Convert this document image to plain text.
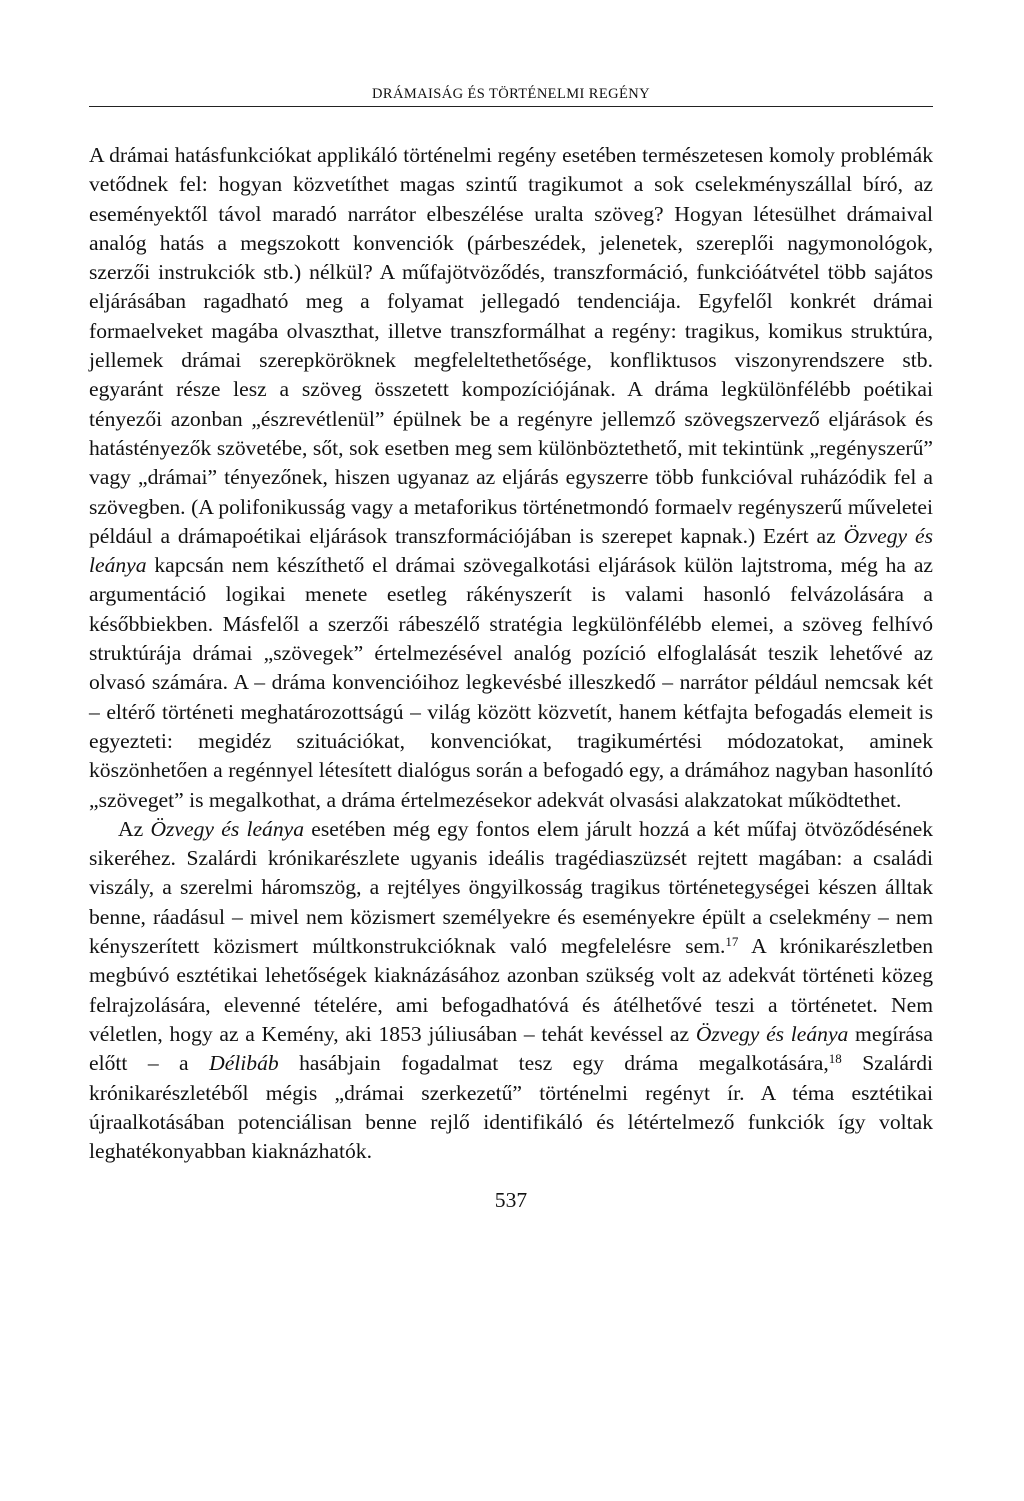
DRÁMAISÁG ÉS TÖRTÉNELMI REGÉNY

A drámai hatásfunkciókat applikáló történelmi regény esetében természetesen komoly problémák vetődnek fel: hogyan közvetíthet magas szintű tragikumot a sok cselekményszállal bíró, az eseményektől távol maradó narrátor elbeszélése uralta szöveg? Hogyan létesülhet drámaival analóg hatás a megszokott konvenciók (párbeszédek, jelenetek, szereplői nagymonológok, szerzői instrukciók stb.) nélkül? A műfajötvöződés, transzformáció, funkcióátvétel több sajátos eljárásában ragadható meg a folyamat jellegadó tendenciája. Egyfelől konkrét drámai formaelveket magába olvaszthat, illetve transzformálhat a regény: tragikus, komikus struktúra, jellemek drámai szerepköröknek megfeleltethetősége, konfliktusos viszonyrendszere stb. egyaránt része lesz a szöveg összetett kompozíciójának. A dráma legkülönfélébb poétikai tényezői azonban „észrevétlenül” épülnek be a regényre jellemző szövegszervező eljárások és hatástényezők szövetébe, sőt, sok esetben meg sem különböztethető, mit tekintünk „regényszerű” vagy „drámai” tényezőnek, hiszen ugyanaz az eljárás egyszerre több funkcióval ruházódik fel a szövegben. (A polifonikusság vagy a metaforikus történetmondó formaelv regényszerű műveletei például a drámapoétikai eljárások transzformációjában is szerepet kapnak.) Ezért az Özvegy és leánya kapcsán nem készíthető el drámai szövegalkotási eljárások külön lajtstroma, még ha az argumentáció logikai menete esetleg rákényszerít is valami hasonló felvázolására a későbbiekben. Másfelől a szerzői rábeszélő stratégia legkülönfélébb elemei, a szöveg felhívó struktúrája drámai „szövegek” értelmezésével analóg pozíció elfoglalását teszik lehetővé az olvasó számára. A – dráma konvencióihoz legkevésbé illeszkedő – narrátor például nemcsak két – eltérő történeti meghatározottságú – világ között közvetít, hanem kétfajta befogadás elemeit is egyezteti: megidéz szituációkat, konvenciókat, tragikumértési módozatokat, aminek köszönhetően a regénnyel létesített dialógus során a befogadó egy, a drámához nagyban hasonlító „szöveget” is megalkothat, a dráma értelmezésekor adekvát olvasási alakzatokat működtethet.

Az Özvegy és leánya esetében még egy fontos elem járult hozzá a két műfaj ötvöződésének sikeréhez. Szalárdi krónikarészlete ugyanis ideális tragédiaszüzsét rejtett magában: a családi viszály, a szerelmi háromszög, a rejtélyes öngyilkosság tragikus történetegységei készen álltak benne, ráadásul – mivel nem közismert személyekre és eseményekre épült a cselekmény – nem kényszerített közismert múltkonstrukcióknak való megfelelésre sem.$^{17}$ A krónikarészletben megbúvó esztétikai lehetőségek kiaknázásához azonban szükség volt az adekvát történeti közeg felrajzolására, elevenné tételére, ami befogadhatóvá és átélhetővé teszi a történetet. Nem véletlen, hogy az a Kemény, aki 1853 júliusában – tehát kevéssel az Özvegy és leánya megírása előtt – a Délibáb hasábjain fogadalmat tesz egy dráma megalkotására,$^{18}$ Szalárdi krónikarészletéből mégis „drámai szerkezetű” történelmi regényt ír. A téma esztétikai újraalkotásában potenciálisan benne rejlő identifikáló és létértelmező funkciók így voltak leghatékonyabban kiaknázhatók.

537
